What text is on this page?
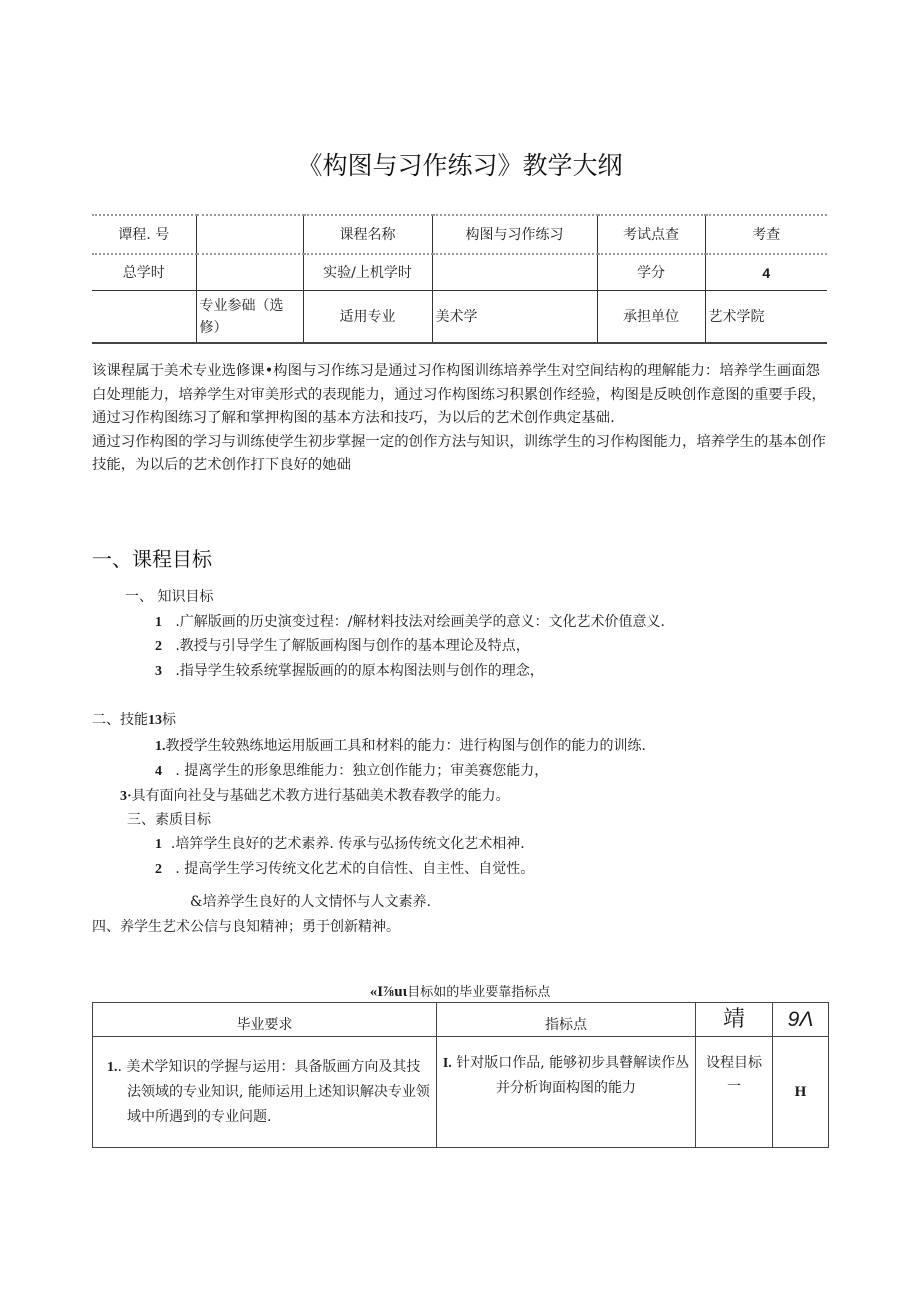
《构图与习作练习》教学大纲
谭程. 号		课程名称	构图与习作练习	考试点查	考查
总学时		实验/上机学时		学分	4
	专业参础（选修）	适用专业	美术学	承担单位	艺术学院

该课程属于美术专业选修课•构图与习作练习是通过习作构图训练培养学生对空间结构的理解能力：培养学生画面怨白处理能力，培养学生对审美形式的表现能力，通过习作构图练习积累创作经验，构图是反映创作意图的重要手段，通过习作构图练习了解和掌押构图的基本方法和技巧，为以后的艺术创作典定基础.

通过习作构图的学习与训练使学生初步掌握一定的创作方法与知识，训练学生的习作构图能力，培养学生的基本创作技能，为以后的艺术创作打下良好的她础

一、课程目标
一、 知识目标
1 .广解版画的历史演变过程：/解材料技法对绘画美学的意义：文化艺术价值意义.
2 .教授与引导学生了解版画构图与创作的基本理论及特点，
3 .指导学生较系统掌握版画的的原本构图法则与创作的理念，
二、技能13标
1.教授学生较熟练地运用版画工具和材料的能力：进行构图与创作的能力的训练.
4 . 提离学生的形象思维能力：独立创作能力；审美赛您能力，
3·具有面向社殳与基础艺术教方进行基础美术教春教学的能力。
三、素质目标
1 .培笄学生良好的艺术素养. 传承与弘扬传统文化艺术相神.
2 . 提高学生学习传统文化艺术的自信性、自主性、自觉性。
&培养学生良好的人文情怀与人文素养.
四、养学生艺术公信与良知精神；勇于创新精神。
«I⅞uι目标如的毕业要靠指标点
毕业要求	指标点	靖	9Λ

1.. 美术学知识的学握与运用：具备版画方向及其技法领域的专业知识, 能师运用上述知识解决专业领域中所遇到的专业问题.	I. 针对版口作品, 能够初步具瞽解读作丛并分析询面构图的能力	设程目标一	H
